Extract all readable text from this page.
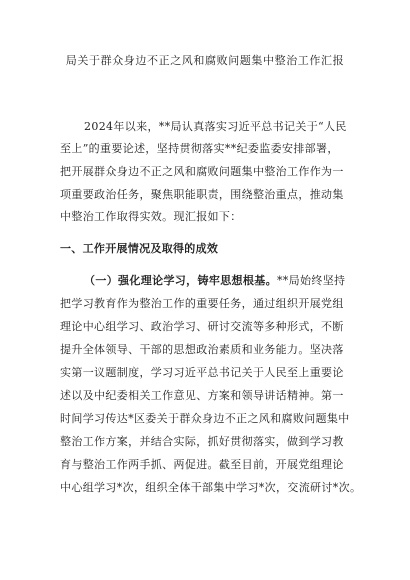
局关于群众身边不正之风和腐败问题集中整治工作汇报
2024年以来，**局认真落实习近平总书记关于“人民
至上”的重要论述，坚持贯彻落实**纪委监委安排部署，
把开展群众身边不正之风和腐败问题集中整治工作作为一
项重要政治任务，聚焦职能职责，围绕整治重点，推动集
中整治工作取得实效。现汇报如下：
一、工作开展情况及取得的成效
（一）强化理论学习，铸牢思想根基。**局始终坚持
把学习教育作为整治工作的重要任务，通过组织开展党组
理论中心组学习、政治学习、研讨交流等多种形式，不断
提升全体领导、干部的思想政治素质和业务能力。坚决落
实第一议题制度，学习习近平总书记关于人民至上重要论
述以及中纪委相关工作意见、方案和领导讲话精神。第一
时间学习传达*区委关于群众身边不正之风和腐败问题集中
整治工作方案，并结合实际，抓好贯彻落实，做到学习教
育与整治工作两手抓、两促进。截至目前，开展党组理论
中心组学习*次，组织全体干部集中学习*次，交流研讨*次。
